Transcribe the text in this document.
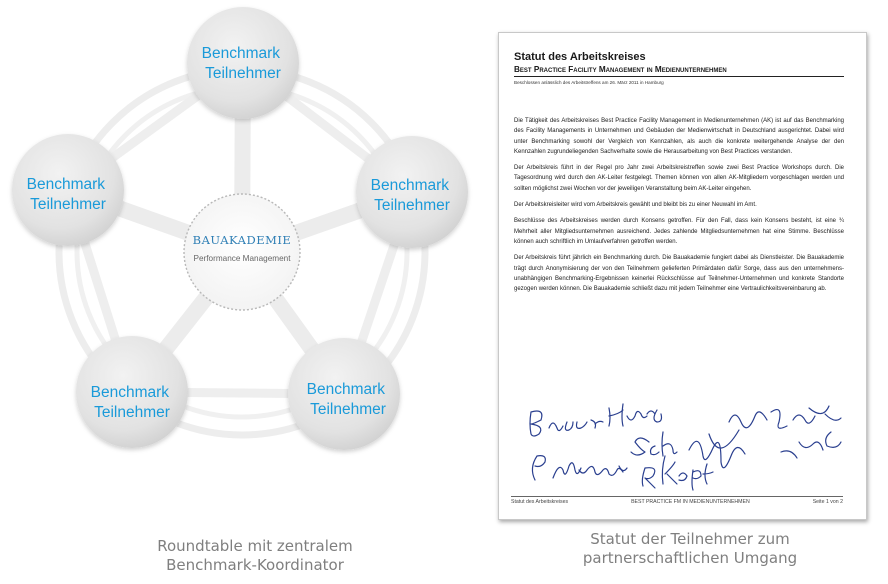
Benchmark Teilnehmer
Benchmark Teilnehmer
Benchmark Teilnehmer
Benchmark Teilnehmer
Benchmark Teilnehmer
BAUAKADEMIE
Performance Management
Roundtable mit zentralem
Benchmark-Koordinator
Statut des Arbeitskreises
Best Practice Facility Management in Medienunternehmen
Beschlossen anlässlich des Arbeitstreffens am 26. März 2011 in Hamburg

Die Tätigkeit des Arbeitskreises Best Practice Facility Management in Medienunternehmen (AK) ist auf das Benchmarking des Facility Managements in Unternehmen und Gebäuden der Medienwirtschaft in Deutschland ausgerichtet. Dabei wird unter Benchmarking sowohl der Vergleich von Kennzahlen, als auch die konkrete weitergehende Analyse der den Kennzahlen zugrundeliegenden Sachverhalte sowie die Herausarbeitung von Best Practices verstanden.

Der Arbeitskreis führt in der Regel pro Jahr zwei Arbeitskreistreffen sowie zwei Best Practice Workshops durch. Die Tagesordnung wird durch den AK-Leiter festgelegt. Themen können von allen AK-Mitgliedern vorgeschlagen werden und sollten möglichst zwei Wochen vor der jeweiligen Veranstaltung beim AK-Leiter eingehen.

Der Arbeitskreisleiter wird vom Arbeitskreis gewählt und bleibt bis zu einer Neuwahl im Amt.

Beschlüsse des Arbeitskreises werden durch Konsens getroffen. Für den Fall, dass kein Konsens besteht, ist eine ¾ Mehrheit aller Mitgliedsunternehmen ausreichend. Jedes zahlende Mitgliedsunternehmen hat eine Stimme. Beschlüsse können auch schriftlich im Umlaufverfahren getroffen werden.

Der Arbeitskreis führt jährlich ein Benchmarking durch. Die Bauakademie fungiert dabei als Dienstleister. Die Bauakademie trägt durch Anonymisierung der von den Teilnehmern gelieferten Primärdaten dafür Sorge, dass aus den unternehmens-unabhängigen Benchmarking-Ergebnissen keinerlei Rückschlüsse auf Teilnehmer-Unternehmen und konkrete Standorte gezogen werden können. Die Bauakademie schließt dazu mit jedem Teilnehmer eine Vertraulichkeitsvereinbarung ab.

Statut des Arbeitskreises	BEST PRACTICE FM IN MEDIENUNTERNEHMEN	Seite 1 von 2
Statut der Teilnehmer zum
partnerschaftlichen Umgang
